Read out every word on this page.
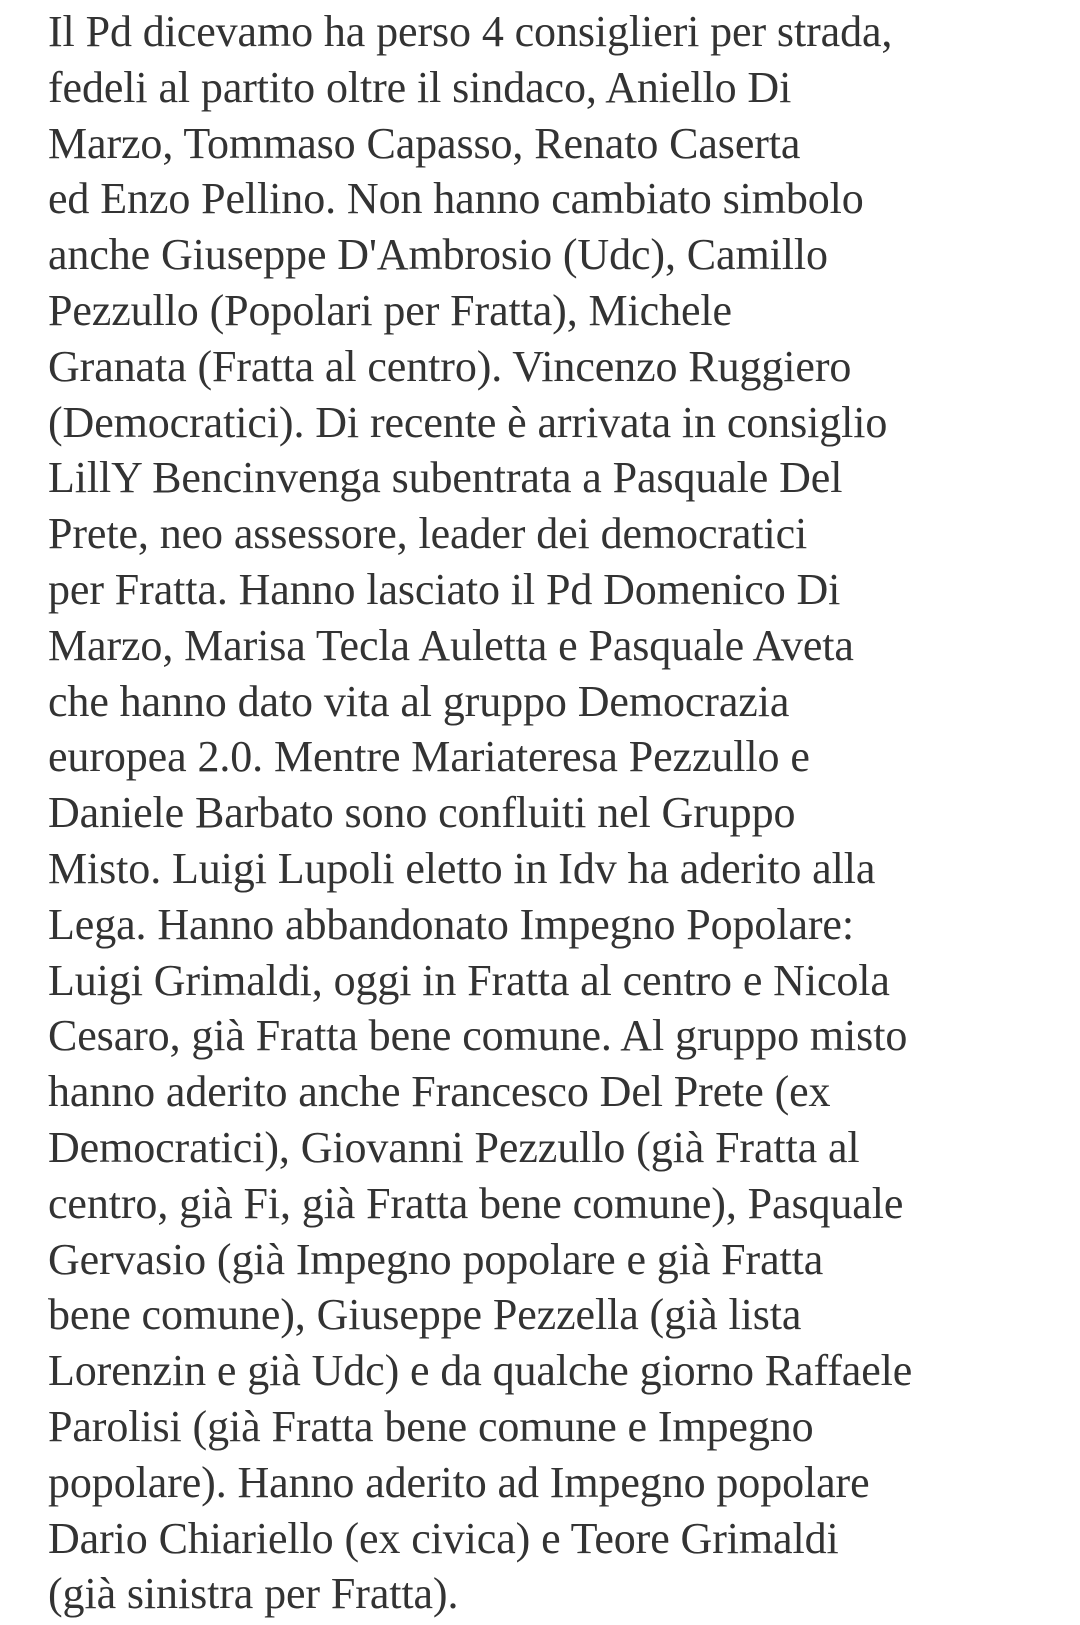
Il Pd dicevamo ha perso 4 consiglieri per strada,
fedeli al partito oltre il sindaco, Aniello Di
Marzo, Tommaso Capasso, Renato Caserta
ed Enzo Pellino. Non hanno cambiato simbolo
anche Giuseppe D'Ambrosio (Udc), Camillo
Pezzullo (Popolari per Fratta), Michele
Granata (Fratta al centro). Vincenzo Ruggiero
(Democratici). Di recente è arrivata in consiglio
LillY Bencinvenga subentrata a Pasquale Del
Prete, neo assessore, leader dei democratici
per Fratta. Hanno lasciato il Pd Domenico Di
Marzo, Marisa Tecla Auletta e Pasquale Aveta
che hanno dato vita al gruppo Democrazia
europea 2.0. Mentre Mariateresa Pezzullo e
Daniele Barbato sono confluiti nel Gruppo
Misto. Luigi Lupoli eletto in Idv ha aderito alla
Lega. Hanno abbandonato Impegno Popolare:
Luigi Grimaldi, oggi in Fratta al centro e Nicola
Cesaro, già Fratta bene comune. Al gruppo misto
hanno aderito anche Francesco Del Prete (ex
Democratici), Giovanni Pezzullo (già Fratta al
centro, già Fi, già Fratta bene comune), Pasquale
Gervasio (già Impegno popolare e già Fratta
bene comune), Giuseppe Pezzella (già lista
Lorenzin e già Udc) e da qualche giorno Raffaele
Parolisi (già Fratta bene comune e Impegno
popolare). Hanno aderito ad Impegno popolare
Dario Chiariello (ex civica) e Teore Grimaldi
(già sinistra per Fratta).
